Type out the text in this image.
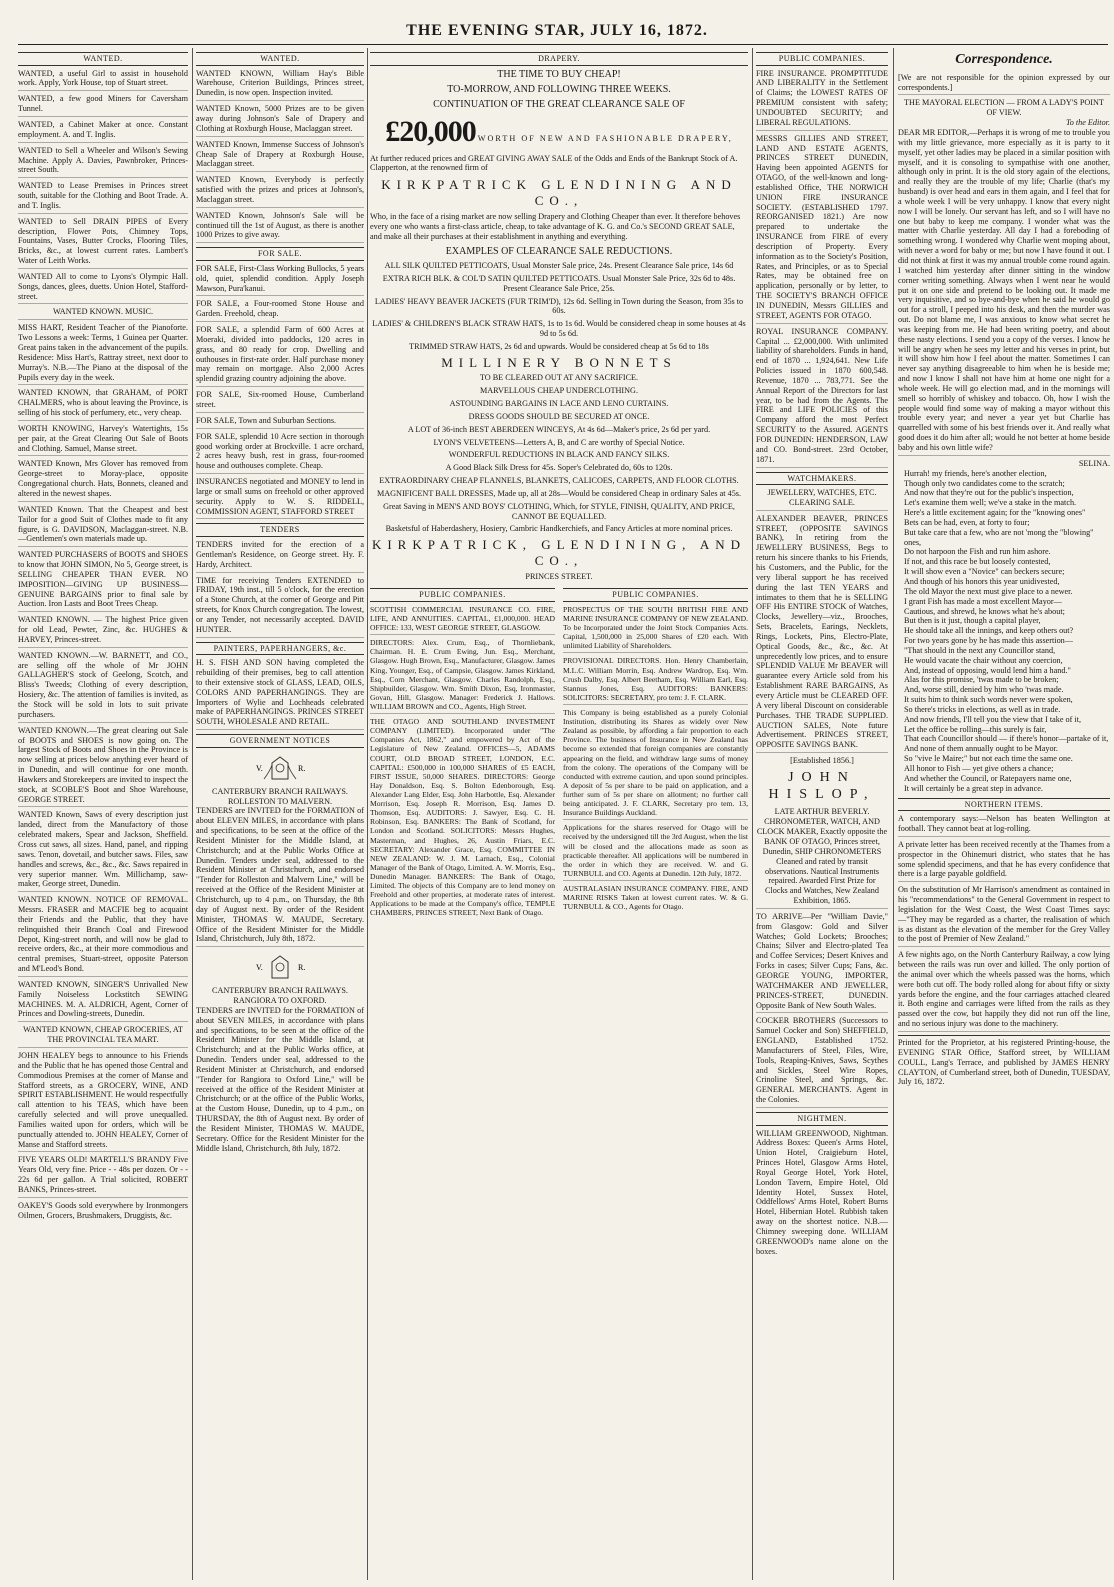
THE EVENING STAR, JULY 16, 1872.
WANTED.
WANTED, a useful Girl to assist in household work. Apply, York House, top of Stuart street.
WANTED, a few good Miners for Caversham Tunnel.
WANTED, a Cabinet Maker at once. Constant employment. A. and T. Inglis.
WANTED to Sell a Wheeler and Wilson's Sewing Machine. Apply A. Davies, Pawnbroker, Princes-street South.
WANTED to Lease Premises in Princes street south, suitable for the Clothing and Boot Trade. A. and T. Inglis.
WANTED to Sell DRAIN PIPES of Every description, Flower Pots, Chimney Tops, Fountains, Vases, Butter Crocks, Flooring Tiles, Bricks, &c., at lowest current rates. Lambert's Water of Leith Works.
WANTED All to come to Lyons's Olympic Hall. Songs, dances, glees, duetts. Union Hotel, Stafford-street.
WANTED KNOWN. MUSIC.
MISS HART, Resident Teacher of the Pianoforte. Two Lessons a week: Terms, 1 Guinea per Quarter. Great pains taken in the advancement of the pupils. Residence: Miss Hart's, Rattray street, next door to Murray's. N.B.—The Piano at the disposal of the Pupils every day in the week.
WANTED KNOWN, that GRAHAM, of PORT CHALMERS, who is about leaving the Province, is selling of his stock of perfumery, etc., very cheap.
WORTH KNOWING, Harvey's Watertights, 15s per pair, at the Great Clearing Out Sale of Boots and Clothing. Samuel, Manse street.
WANTED Known, Mrs Glover has removed from George-street to Moray-place, opposite Congregational church. Hats, Bonnets, cleaned and altered in the newest shapes.
WANTED Known. That the Cheapest and best Tailor for a good Suit of Clothes made to fit any figure, is G. DAVIDSON, Maclaggan-street. N.B.—Gentlemen's own materials made up.
WANTED PURCHASERS of BOOTS and SHOES to know that JOHN SIMON, No 5, George street, is SELLING CHEAPER THAN EVER. NO IMPOSITION—GIVING UP BUSINESS—GENUINE BARGAINS prior to final sale by Auction. Iron Lasts and Boot Trees Cheap.
WANTED KNOWN. — The highest Price given for old Lead, Pewter, Zinc, &c. HUGHES & HARVEY, Princes-street.
WANTED KNOWN.—W. BARNETT, and CO., are selling off the whole of Mr JOHN GALLAGHER'S stock of Geelong, Scotch, and Bliss's Tweeds; Clothing of every description, Hosiery, &c. The attention of families is invited, as the Stock will be sold in lots to suit private purchasers.
WANTED KNOWN.—The great clearing out Sale of BOOTS and SHOES is now going on. The largest Stock of Boots and Shoes in the Province is now selling at prices below anything ever heard of in Dunedin, and will continue for one month. Hawkers and Storekeepers are invited to inspect the stock, at SCOBLE'S Boot and Shoe Warehouse, GEORGE STREET.
WANTED Known, Saws of every description just landed, direct from the Manufactory of those celebrated makers, Spear and Jackson, Sheffield. Cross cut saws, all sizes. Hand, panel, and ripping saws. Tenon, dovetail, and butcher saws. Files, saw handles and screws, &c., &c., &c. Saws repaired in very superior manner. Wm. Millichamp, saw-maker, George street, Dunedin.
WANTED KNOWN. NOTICE OF REMOVAL. Messrs. FRASER and MACFIE beg to acquaint their Friends and the Public, that they have relinquished their Branch Coal and Firewood Depot, King-street north, and will now be glad to receive orders, &c., at their more commodious and central premises, Stuart-street, opposite Paterson and M'Leod's Bond.
WANTED KNOWN, SINGER'S Unrivalled New Family Noiseless Lockstitch SEWING MACHINES. M. A. ALDRICH, Agent, Corner of Princes and Dowling-streets, Dunedin.
WANTED KNOWN, CHEAP GROCERIES, AT THE PROVINCIAL TEA MART.
JOHN HEALEY begs to announce to his Friends and the Public that he has opened those Central and Commodious Premises at the corner of Manse and Stafford streets, as a GROCERY, WINE, AND SPIRIT ESTABLISHMENT. He would respectfully call attention to his TEAS, which have been carefully selected and will prove unequalled. Families waited upon for orders, which will be punctually attended to. JOHN HEALEY, Corner of Manse and Stafford streets.
FIVE YEARS OLD! MARTELL'S BRANDY Five Years Old, very fine. Price - - 48s per dozen. Or - - 22s 6d per gallon. A Trial solicited, ROBERT BANKS, Princes-street.
OAKEY'S Goods sold everywhere by Ironmongers Oilmen, Grocers, Brushmakers, Druggists, &c.
WANTED.
WANTED KNOWN, William Hay's Bible Warehouse, Criterion Buildings, Princes street, Dunedin, is now open. Inspection invited.
WANTED Known, 5000 Prizes are to be given away during Johnson's Sale of Drapery and Clothing at Roxburgh House, Maclaggan street.
WANTED Known, Immense Success of Johnson's Cheap Sale of Drapery at Roxburgh House, Maclaggan street.
WANTED Known, Everybody is perfectly satisfied with the prizes and prices at Johnson's, Maclaggan street.
WANTED Known, Johnson's Sale will be continued till the 1st of August, as there is another 1000 Prizes to give away.
FOR SALE.
FOR SALE, First-Class Working Bullocks, 5 years old, quiet, splendid condition. Apply Joseph Mawson, Pura'kanui.
FOR SALE, a Four-roomed Stone House and Garden. Freehold, cheap.
FOR SALE, a splendid Farm of 600 Acres at Moeraki, divided into paddocks, 120 acres in grass, and 80 ready for crop. Dwelling and outhouses in first-rate order. Half purchase money may remain on mortgage. Also 2,000 Acres splendid grazing country adjoining the above.
FOR SALE, Six-roomed House, Cumberland street.
FOR SALE, Town and Suburban Sections.
FOR SALE, splendid 10 Acre section in thorough good working order at Brockville. 1 acre orchard, 2 acres heavy bush, rest in grass, four-roomed house and outhouses complete. Cheap.
INSURANCES negotiated and MONEY to lend in large or small sums on freehold or other approved security. Apply to W. S. RIDDELL, COMMISSION AGENT, STAFFORD STREET
TENDERS
TENDERS invited for the erection of a Gentleman's Residence, on George street. Hy. F. Hardy, Architect.
TIME for receiving Tenders EXTENDED to FRIDAY, 19th inst., till 5 o'clock, for the erection of a Stone Church, at the corner of George and Pitt streets, for Knox Church congregation. The lowest, or any Tender, not necessarily accepted. DAVID HUNTER.
PAINTERS, PAPERHANGERS, &c.
H. S. FISH AND SON having completed the rebuilding of their premises, beg to call attention to their extensive stock of GLASS, LEAD, OILS, COLORS AND PAPERHANGINGS. They are Importers of Wylie and Lochheads celebrated make of PAPERHANGINGS. PRINCES STREET SOUTH, WHOLESALE AND RETAIL.
GOVERNMENT NOTICES
V.	R.
CANTERBURY BRANCH RAILWAYS.
ROLLESTON TO MALVERN.
TENDERS are INVITED for the FORMATION of about ELEVEN MILES, in accordance with plans and specifications, to be seen at the office of the Resident Minister for the Middle Island, at Christchurch; and at the Public Works Office at Dunedin. Tenders under seal, addressed to the Resident Minister at Christchurch, and endorsed "Tender for Rolleston and Malvern Line," will be received at the Office of the Resident Minister at Christchurch, up to 4 p.m., on Thursday, the 8th day of August next. By order of the Resident Minister, THOMAS W. MAUDE, Secretary. Office of the Resident Minister for the Middle Island, Christchurch, July 8th, 1872.
V.	R.
CANTERBURY BRANCH RAILWAYS.
RANGIORA TO OXFORD.
TENDERS are INVITED for the FORMATION of about SEVEN MILES, in accordance with plans and specifications, to be seen at the office of the Resident Minister for the Middle Island, at Christchurch; and at the Public Works office, at Dunedin. Tenders under seal, addressed to the Resident Minister at Christchurch, and endorsed "Tender for Rangiora to Oxford Line," will be received at the office of the Resident Minister at Christchurch; or at the office of the Public Works, at the Custom House, Dunedin, up to 4 p.m., on THURSDAY, the 8th of August next. By order of the Resident Minister, THOMAS W. MAUDE, Secretary. Office for the Resident Minister for the Middle Island, Christchurch, 8th July, 1872.
DRAPERY.

THE TIME TO BUY CHEAP!

TO-MORROW, AND FOLLOWING THREE WEEKS.

CONTINUATION OF THE GREAT CLEARANCE SALE OF

£20,000 WORTH OF NEW AND FASHIONABLE DRAPERY,

At further reduced prices and GREAT GIVING AWAY SALE of the Odds and Ends of the Bankrupt Stock of A. Clapperton, at the renowned firm of

KIRKPATRICK GLENDINING AND CO.,

Who, in the face of a rising market are now selling Drapery and Clothing Cheaper than ever. It therefore behoves every one who wants a first-class article, cheap, to take advantage of K. G. and Co.'s SECOND GREAT SALE, and make all their purchases at their establishment in anything and everything.

EXAMPLES OF CLEARANCE SALE REDUCTIONS.

ALL SILK QUILTED PETTICOATS, Usual Monster Sale price, 24s. Present Clearance Sale price, 14s 6d

EXTRA RICH BLK. & COL'D SATIN QUILTED PETTICOATS. Usual Monster Sale Price, 32s 6d to 48s. Present Clearance Sale Price, 25s.

LADIES' HEAVY BEAVER JACKETS (FUR TRIM'D), 12s 6d. Selling in Town during the Season, from 35s to 60s.

LADIES' & CHILDREN'S BLACK STRAW HATS, 1s to 1s 6d. Would be considered cheap in some houses at 4s 9d to 5s 6d.

TRIMMED STRAW HATS, 2s 6d and upwards. Would be considered cheap at 5s 6d to 18s

MILLINERY BONNETS

TO BE CLEARED OUT AT ANY SACRIFICE.

MARVELLOUS CHEAP UNDERCLOTHING.

ASTOUNDING BARGAINS IN LACE AND LENO CURTAINS.

DRESS GOODS SHOULD BE SECURED AT ONCE.

A LOT of 36-inch BEST ABERDEEN WINCEYS, At 4s 6d—Maker's price, 2s 6d per yard.

LYON'S VELVETEENS—Letters A, B, and C are worthy of Special Notice.

WONDERFUL REDUCTIONS IN BLACK AND FANCY SILKS.

A Good Black Silk Dress for 45s. Soper's Celebrated do, 60s to 120s.

EXTRAORDINARY CHEAP FLANNELS, BLANKETS, CALICOES, CARPETS, AND FLOOR CLOTHS.

MAGNIFICENT BALL DRESSES, Made up, all at 28s—Would be considered Cheap in ordinary Sales at 45s.

Great Saving in MEN'S AND BOYS' CLOTHING, Which, for STYLE, FINISH, QUALITY, AND PRICE, CANNOT BE EQUALLED.

Basketsful of Haberdashery, Hosiery, Cambric Handkerchiefs, and Fancy Articles at more nominal prices.

KIRKPATRICK, GLENDINING, AND CO.,

PRINCES STREET.

PUBLIC COMPANIES.
SCOTTISH COMMERCIAL INSURANCE CO. FIRE, LIFE, AND ANNUITIES. CAPITAL, £1,000,000. HEAD OFFICE: 133, WEST GEORGE STREET, GLASGOW.
DIRECTORS: Alex. Crum, Esq., of Thornliebank, Chairman. H. E. Crum Ewing, Jun. Esq., Merchant, Glasgow. Hugh Brown, Esq., Manufacturer, Glasgow. James King, Younger, Esq., of Campsie, Glasgow. James Kirkland, Esq., Corn Merchant, Glasgow. Charles Randolph, Esq., Shipbuilder, Glasgow. Wm. Smith Dixon, Esq, Ironmaster, Govan, Hill, Glasgow. Manager: Frederick J. Hallows. WILLIAM BROWN and CO., Agents, High Street.
THE OTAGO AND SOUTHLAND INVESTMENT COMPANY (LIMITED). Incorporated under "The Companies Act, 1862," and empowered by Act of the Legislature of New Zealand. OFFICES—5, ADAMS COURT, OLD BROAD STREET, LONDON, E.C. CAPITAL: £500,000 in 100,000 SHARES of £5 EACH, FIRST ISSUE, 50,000 SHARES. DIRECTORS: George Hay Donaldson, Esq. S. Bolton Edenborough, Esq. Alexander Lang Elder, Esq. John Harbottle, Esq. Alexander Morrison, Esq. Joseph R. Morrison, Esq. James D. Thomson, Esq. AUDITORS: J. Sawyer, Esq. C. H. Robinson, Esq. BANKERS: The Bank of Scotland, for London and Scotland. SOLICITORS: Messrs Hughes, Masterman, and Hughes, 26, Austin Friars, E.C. SECRETARY: Alexander Grace, Esq. COMMITTEE IN NEW ZEALAND: W. J. M. Larnach, Esq., Colonial Manager of the Bank of Otago, Limited. A. W. Morris, Esq., Dunedin Manager. BANKERS: The Bank of Otago, Limited. The objects of this Company are to lend money on Freehold and other properties, at moderate rates of interest. Applications to be made at the Company's office, TEMPLE CHAMBERS, PRINCES STREET, Next Bank of Otago.
PUBLIC COMPANIES.
PROSPECTUS OF THE SOUTH BRITISH FIRE AND MARINE INSURANCE COMPANY OF NEW ZEALAND. To be Incorporated under the Joint Stock Companies Acts. Capital, 1,500,000 in 25,000 Shares of £20 each. With unlimited Liability of Shareholders.
PROVISIONAL DIRECTORS. Hon. Henry Chamberlain, M.L.C. William Morrin, Esq. Andrew Wardrop, Esq. Wm. Crush Dalby, Esq. Albert Beetham, Esq. William Earl, Esq. Stannus Jones, Esq. AUDITORS: BANKERS: SOLICITORS: SECRETARY, pro tem: J. F. CLARK.
This Company is being established as a purely Colonial Institution, distributing its Shares as widely over New Zealand as possible, by affording a fair proportion to each Province. The business of Insurance in New Zealand has become so extended that foreign companies are constantly appearing on the field, and withdraw large sums of money from the colony. The operations of the Company will be conducted with extreme caution, and upon sound principles. A deposit of 5s per share to be paid on application, and a further sum of 5s per share on allotment; no further call being anticipated. J. F. CLARK, Secretary pro tem. 13, Insurance Buildings Auckland.
Applications for the shares reserved for Otago will be received by the undersigned till the 3rd August, when the list will be closed and the allocations made as soon as practicable thereafter. All applications will be numbered in the order in which they are received. W. and G. TURNBULL and CO. Agents at Dunedin. 12th July, 1872.
AUSTRALASIAN INSURANCE COMPANY. FIRE, AND MARINE RISKS Taken at lowest current rates. W. & G. TURNBULL & CO., Agents for Otago.
PUBLIC COMPANIES.
FIRE INSURANCE. PROMPTITUDE AND LIBERALITY in the Settlement of Claims; the LOWEST RATES OF PREMIUM consistent with safety; UNDOUBTED SECURITY; and LIBERAL REGULATIONS.
MESSRS GILLIES AND STREET, LAND AND ESTATE AGENTS, PRINCES STREET DUNEDIN, Having been appointed AGENTS for OTAGO, of the well-known and long-established Office, THE NORWICH UNION FIRE INSURANCE SOCIETY. (ESTABLISHED 1797. REORGANISED 1821.) Are now prepared to undertake the INSURANCE from FIRE of every description of Property. Every information as to the Society's Position, Rates, and Principles, or as to Special Rates, may be obtained free on application, personally or by letter, to THE SOCIETY'S BRANCH OFFICE IN DUNEDIN, Messrs GILLIES and STREET, AGENTS FOR OTAGO.
ROYAL INSURANCE COMPANY. Capital ... £2,000,000. With unlimited liability of shareholders. Funds in hand, end of 1870 ... 1,924,641. New Life Policies issued in 1870 600,548. Revenue, 1870 ... 783,771. See the Annual Report of the Directors for last year, to be had from the Agents. The FIRE and LIFE POLICIES of this Company afford the most Perfect SECURITY to the Assured. AGENTS FOR DUNEDIN: HENDERSON, LAW and CO. Bond-street. 23rd October, 1871.
WATCHMAKERS.
JEWELLERY, WATCHES, ETC. CLEARING SALE.
ALEXANDER BEAVER, PRINCES STREET, (OPPOSITE SAVINGS BANK), In retiring from the JEWELLERY BUSINESS, Begs to return his sincere thanks to his Friends, his Customers, and the Public, for the very liberal support he has received during the last TEN YEARS and intimates to them that he is SELLING OFF His ENTIRE STOCK of Watches, Clocks, Jewellery—viz., Brooches, Sets, Bracelets, Earings, Necklets, Rings, Lockets, Pins, Electro-Plate, Optical Goods, &c., &c., &c. At unprecedently low prices, and to ensure SPLENDID VALUE Mr BEAVER will guarantee every Article sold from his Establishment RARE BARGAINS, As every Article must be CLEARED OFF. A very liberal Discount on considerable Purchases. THE TRADE SUPPLIED. AUCTION SALES, Note future Advertisement. PRINCES STREET, OPPOSITE SAVINGS BANK.
[Established 1856.]
JOHN HISLOP,
LATE ARTHUR BEVERLY. CHRONOMETER, WATCH, AND CLOCK MAKER, Exactly opposite the BANK OF OTAGO, Princes street, Dunedin, SHIP CHRONOMETERS Cleaned and rated by transit observations. Nautical Instruments repaired. Awarded First Prize for Clocks and Watches, New Zealand Exhibition, 1865.
TO ARRIVE—Per "William Davie," from Glasgow: Gold and Silver Watches; Gold Lockets; Brooches; Chains; Silver and Electro-plated Tea and Coffee Services; Desert Knives and Forks in cases; Silver Cups; Fans, &c. GEORGE YOUNG, IMPORTER, WATCHMAKER AND JEWELLER, PRINCES-STREET, DUNEDIN. Opposite Bank of New South Wales.
COCKER BROTHERS (Successors to Samuel Cocker and Son) SHEFFIELD, ENGLAND, Established 1752. Manufacturers of Steel, Files, Wire, Tools, Reaping-Knives, Saws, Scythes and Sickles, Steel Wire Ropes, Crinoline Steel, and Springs, &c. GENERAL MERCHANTS. Agent in the Colonies.
NIGHTMEN.
WILLIAM GREENWOOD, Nightman. Address Boxes: Queen's Arms Hotel, Union Hotel, Craigieburn Hotel, Princes Hotel, Glasgow Arms Hotel, Royal George Hotel, York Hotel, London Tavern, Empire Hotel, Old Identity Hotel, Sussex Hotel, Oddfellows' Arms Hotel, Robert Burns Hotel, Hibernian Hotel. Rubbish taken away on the shortest notice. N.B.—Chimney sweeping done. WILLIAM GREENWOOD's name alone on the boxes.
Correspondence.
[We are not responsible for the opinion expressed by our correspondents.]
THE MAYORAL ELECTION — FROM A LADY'S POINT OF VIEW.
To the Editor.
DEAR MR EDITOR,—Perhaps it is wrong of me to trouble you with my little grievance, more especially as it is party to it myself, yet other ladies may be placed in a similar position with myself, and it is consoling to sympathise with one another, although only in print. It is the old story again of the elections, and really they are the trouble of my life; Charlie (that's my husband) is over head and ears in them again, and I feel that for a whole week I will be very unhappy. I know that every night now I will be lonely. Our servant has left, and so I will have no one but baby to keep me company. I wonder what was the matter with Charlie yesterday. All day I had a foreboding of something wrong. I wondered why Charlie went moping about, with never a word for baby or me; but now I have found it out. I did not think at first it was my annual trouble come round again. I watched him yesterday after dinner sitting in the window corner writing something. Always when I went near he would put it on one side and pretend to be looking out. It made me very inquisitive, and so bye-and-bye when he said he would go out for a stroll, I peeped into his desk, and then the murder was out. Do not blame me, I was anxious to know what secret he was keeping from me. He had been writing poetry, and about these nasty elections. I send you a copy of the verses. I know he will be angry when he sees my letter and his verses in print, but it will show him how I feel about the matter. Sometimes I can never say anything disagreeable to him when he is beside me; and now I know I shall not have him at home one night for a whole week. He will go election mad, and in the mornings will smell so horribly of whiskey and tobacco. Oh, how I wish the people would find some way of making a mayor without this trouble every year; and never a year yet but Charlie has quarrelled with some of his best friends over it. And really what good does it do him after all; would he not better at home beside baby and his own little wife?
SELINA.

Hurrah! my friends, here's another election,

Though only two candidates come to the scratch;

And now that they're out for the public's inspection,

Let's examine them well; we've a stake in the match.

Here's a little excitement again; for the "knowing ones"

Bets can be had, even, at forty to four;

But take care that a few, who are not 'mong the "blowing" ones,

Do not harpoon the Fish and run him ashore.

If not, and this race be but loosely contested,

It will show even a "Novice" can beckers secure;

And though of his honors this year unidivested,

The old Mayor the next must give place to a newer.

I grant Fish has made a most excellent Mayor—

Cautious, and shrewd, he knows what he's about;

But then is it just, though a capital player,

He should take all the innings, and keep others out?

For two years gone by he has made this assertion—

"That should in the next any Councillor stand,

He would vacate the chair without any coercion,

And, instead of opposing, would lend him a hand."

Alas for this promise, 'twas made to be broken;

And, worse still, denied by him who 'twas made.

It suits him to think such words never were spoken,

So there's tricks in elections, as well as in trade.

And now friends, I'll tell you the view that I take of it,

Let the office be rolling—this surely is fair,

That each Councillor should — if there's honor—partake of it,

And none of them annually ought to be Mayor.

So "vive le Maire;" but not each time the same one.

All honor to Fish — yet give others a chance;

And whether the Council, or Ratepayers name one,

It will certainly be a great step in advance.

NORTHERN ITEMS.
A contemporary says:—Nelson has beaten Wellington at football. They cannot beat at log-rolling.
A private letter has been received recently at the Thames from a prospector in the Ohinemuri district, who states that he has some splendid specimens, and that he has every confidence that there is a large payable goldfield.
On the substitution of Mr Harrison's amendment as contained in his "recommendations" to the General Government in respect to legislation for the West Coast, the West Coast Times says:—"They may be regarded as a charter, the realisation of which is as distant as the elevation of the member for the Grey Valley to the post of Premier of New Zealand."
A few nights ago, on the North Canterbury Railway, a cow lying between the rails was run over and killed. The only portion of the animal over which the wheels passed was the horns, which were both cut off. The body rolled along for about fifty or sixty yards before the engine, and the four carriages attached cleared it. Both engine and carriages were lifted from the rails as they passed over the cow, but happily they did not run off the line, and no serious injury was done to the machinery.
Printed for the Proprietor, at his registered Printing-house, the EVENING STAR Office, Stafford street, by WILLIAM COULL, Lang's Terrace, and published by JAMES HENRY CLAYTON, of Cumberland street, both of Dunedin, TUESDAY, July 16, 1872.
